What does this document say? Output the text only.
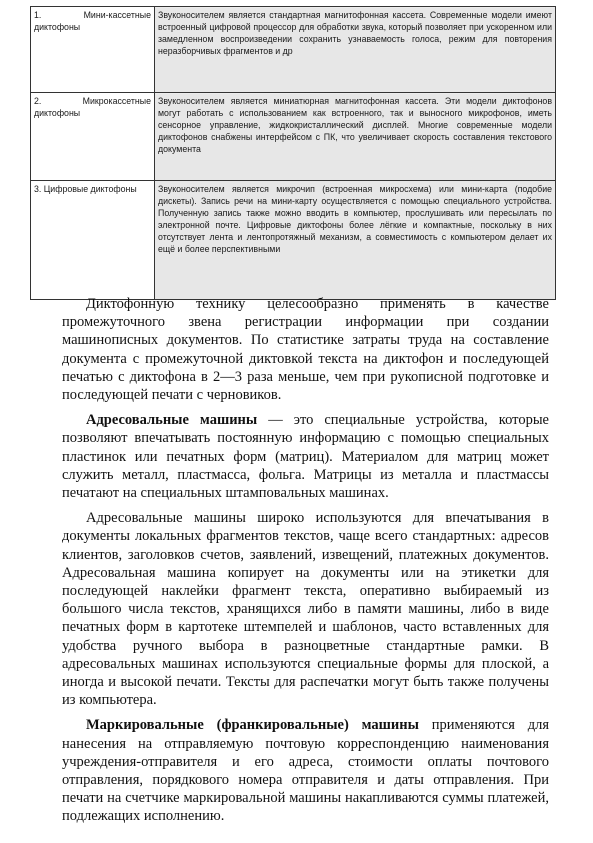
1. Мини-кассетные диктофоны	Звуконосителем является стандартная магнитофонная кассета. Современные модели имеют встроенный цифровой процессор для обработки звука, который позволяет при ускоренном или замедленном воспроизведении сохранить узнаваемость голоса, режим для повторения неразборчивых фрагментов и др
2. Микрокассетные диктофоны	Звуконосителем является миниатюрная магнитофонная кассета. Эти модели диктофонов могут работать с использованием как встроенного, так и выносного микрофонов, иметь сенсорное управление, жидкокристаллический дисплей. Многие современные модели диктофонов снабжены интерфейсом с ПК, что увеличивает скорость составления текстового документа
3. Цифровые диктофоны	Звуконосителем является микрочип (встроенная микросхема) или мини-карта (подобие дискеты). Запись речи на мини-карту осуществляется с помощью специального устройства. Полученную запись также можно вводить в компьютер, прослушивать или пересылать по электронной почте. Цифровые диктофоны более лёгкие и компактные, поскольку в них отсутствует лента и лентопротяжный механизм, а совместимость с компьютером делает их ещё и более перспективными

Диктофонную технику целесообразно применять в качестве промежуточного звена регистрации информации при создании машинописных документов. По статистике затраты труда на составление документа с промежуточной диктовкой текста на диктофон и последующей печатью с диктофона в 2—3 раза меньше, чем при рукописной подготовке и последующей печати с черновиков.

Адресовальные машины — это специальные устройства, которые позволяют впечатывать постоянную информацию с помощью специальных пластинок или печатных форм (матриц). Материалом для матриц может служить металл, пластмасса, фольга. Матрицы из металла и пластмассы печатают на специальных штамповальных машинах.

Адресовальные машины широко используются для впечатывания в документы локальных фрагментов текстов, чаще всего стандартных: адресов клиентов, заголовков счетов, заявлений, извещений, платежных документов. Адресовальная машина копирует на документы или на этикетки для последующей наклейки фрагмент текста, оперативно выбираемый из большого числа текстов, хранящихся либо в памяти машины, либо в виде печатных форм в картотеке штемпелей и шаблонов, часто вставленных для удобства ручного выбора в разноцветные стандартные рамки. В адресовальных машинах используются специальные формы для плоской, а иногда и высокой печати. Тексты для распечатки могут быть также получены из компьютера.

Маркировальные (франкировальные) машины применяются для нанесения на отправляемую почтовую корреспонденцию наименования учреждения-отправителя и его адреса, стоимости оплаты почтового отправления, порядкового номера отправителя и даты отправления. При печати на счетчике маркировальной машины накапливаются суммы платежей, подлежащих исполнению.
